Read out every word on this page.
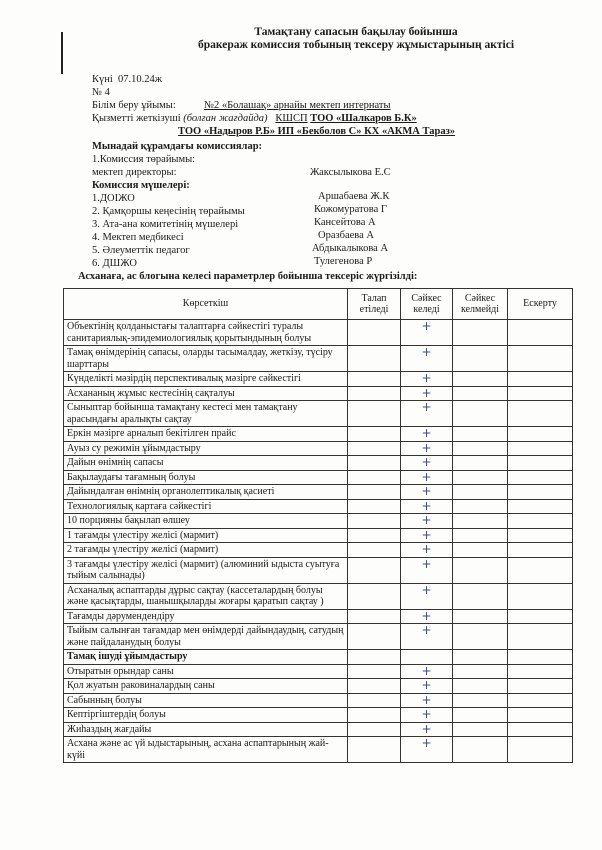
Тамақтану сапасын бақылау бойынша
бракераж комиссия тобының тексеру жұмыстарының актісі
Күні 07.10.24ж
№ 4
Білім беру ұйымы:	№2 «Болашақ» арнайы мектеп интернаты
Қызметті жеткізуші (болған жағдайда) КШСП ТОО «Шалкаров Б.К»
ТОО «Надыров Р.Б» ИП «Бекболов С» КХ «АКМА Тараз»
Мынадай құрамдағы комиссиялар:
1.Комиссия төрайымы:
мектеп директоры:	Жаксылыкова Е.С
Комиссия мүшелері:
1.ДОІЖО	Аршабаева Ж.К
2. Қамқоршы кеңесінің төрайымы	Кожомуратова Г
3. Ата-ана комитетінің мүшелері	Кансейтова А
4. Мектеп медбикесі	Оразбаева А
5. Әлеуметтік педагог	Абдыкалыкова А
6. ДШЖО	Тулегенова Р
Асханаға, ас блогына келесі параметрлер бойынша тексеріс жүргізілді:
Көрсеткіш	Талап етіледі	Сәйкес келеді	Сәйкес келмейді	Ескерту
Объектінің қолданыстағы талаптарға сәйкестігі туралы санитариялық-эпидемиологиялық қорытындының болуы		+		
Тамақ өнімдерінің сапасы, оларды тасымалдау, жеткізу, түсіру шарттары		+		
Күнделікті мәзірдің перспективалық мәзірге сәйкестігі		+		
Асхананың жұмыс кестесінің сақталуы		+		
Сыныптар бойынша тамақтану кестесі мен тамақтану арасындағы аралықты сақтау		+		
Еркін мәзірге арналып бекітілген прайс		+		
Ауыз су режимін ұйымдастыру		+		
Дайын өнімнің сапасы		+		
Бақылаудағы тағамның болуы		+		
Дайындалған өнімнің органолептикалық қасиеті		+		
Технологиялық картаға сәйкестігі		+		
10 порцияны бақылап өлшеу		+		
1 тағамды үлестіру желісі (мармит)		+		
2 тағамды үлестіру желісі (мармит)		+		
3 тағамды үлестіру желісі (мармит) (алюминий ыдыста суытуға тыйым салынады)		+		
Асханалық аспаптарды дұрыс сақтау (кассеталардың болуы және қасықтарды, шанышқыларды жоғары қаратып сақтау )		+		
Тағамды дәрумендендіру		+		
Тыйым салынған тағамдар мен өнімдерді дайындаудың, сатудың және пайдаланудың болуы		+		
Тамақ ішуді ұйымдастыру				
Отыратын орындар саны		+		
Қол жуатын раковиналардың саны		+		
Сабынның болуы		+		
Кептіргіштердің болуы		+		
Жиһаздың жағдайы		+		
Асхана және ас үй ыдыстарының, асхана аспаптарының жай-күйі		+		
